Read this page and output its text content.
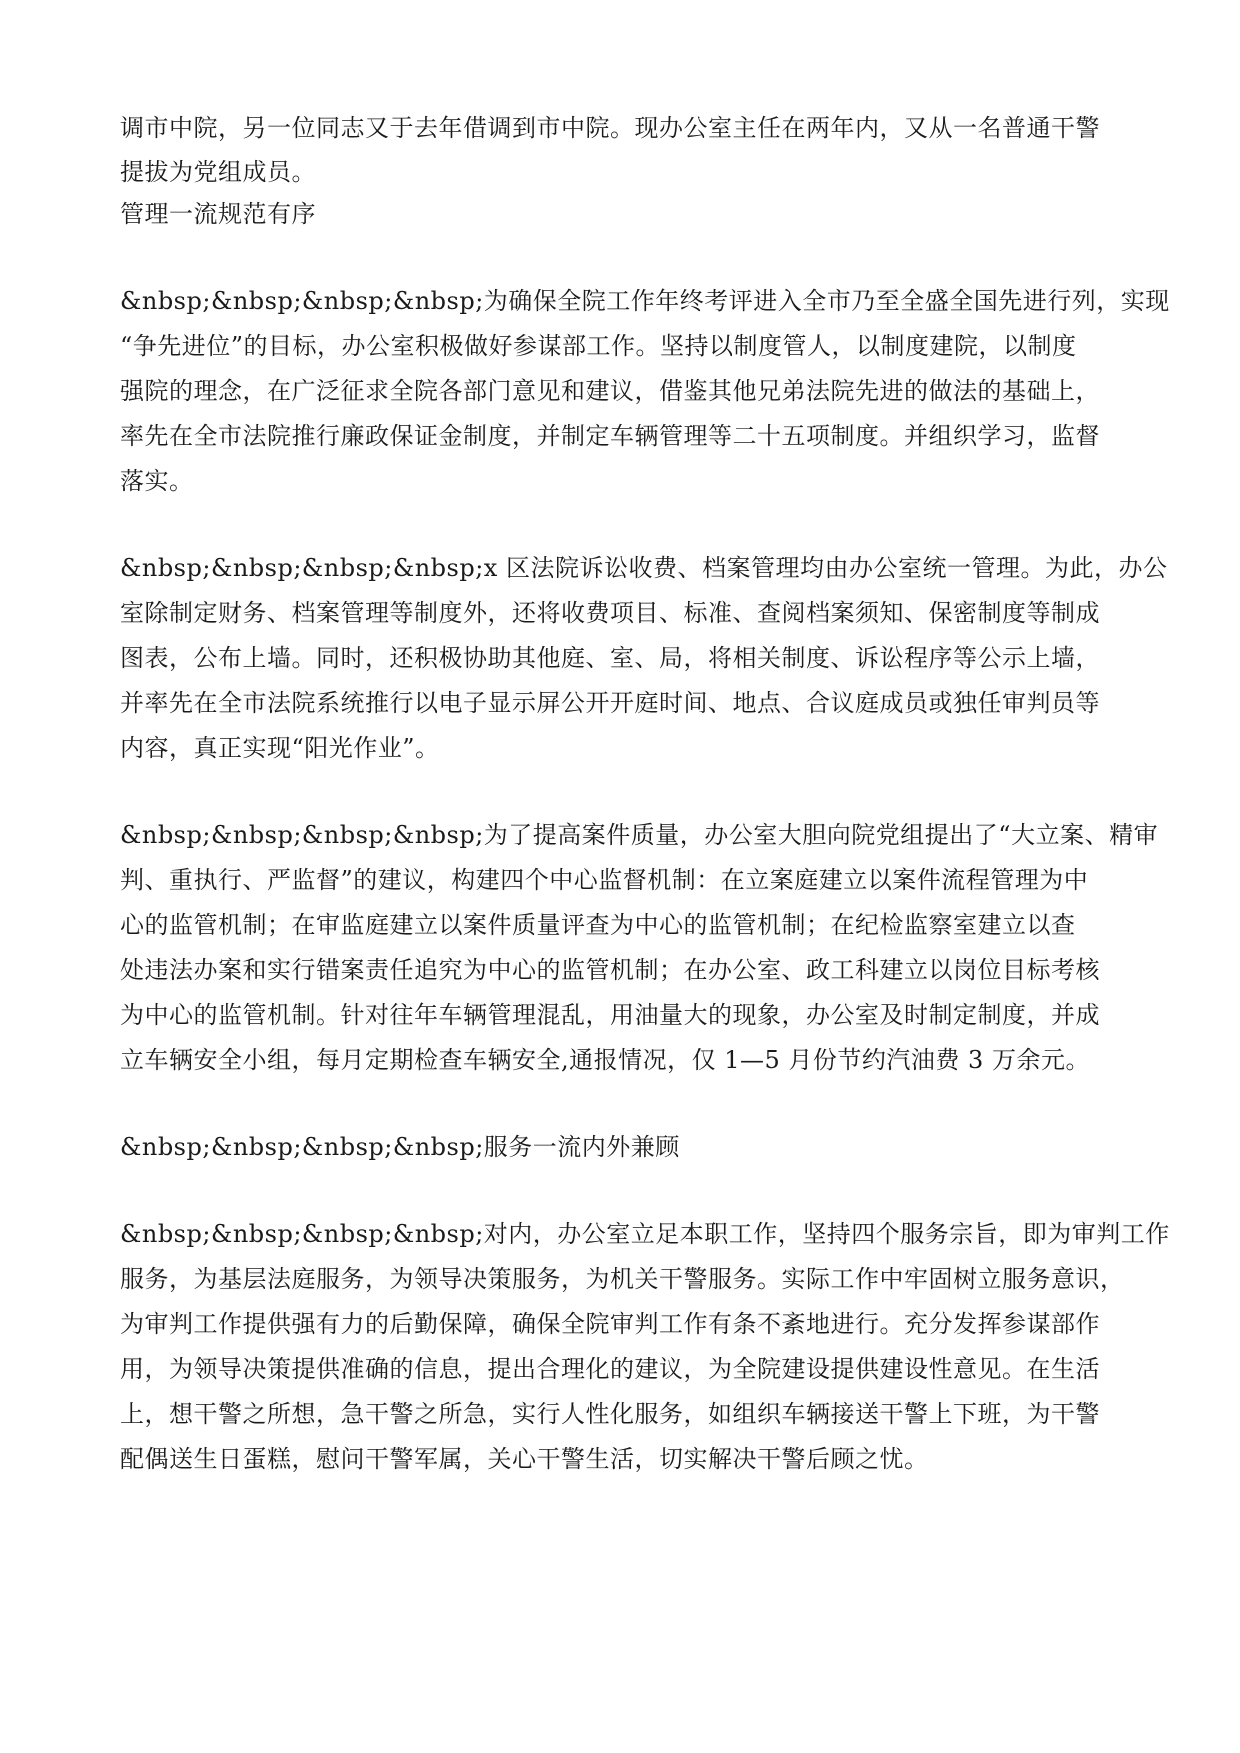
调市中院，另一位同志又于去年借调到市中院。现办公室主任在两年内，又从一名普通干警
提拔为党组成员。
管理一流规范有序
&nbsp;&nbsp;&nbsp;&nbsp;为确保全院工作年终考评进入全市乃至全盛全国先进行列，实现
“争先进位”的目标，办公室积极做好参谋部工作。坚持以制度管人，以制度建院，以制度
强院的理念，在广泛征求全院各部门意见和建议，借鉴其他兄弟法院先进的做法的基础上，
率先在全市法院推行廉政保证金制度，并制定车辆管理等二十五项制度。并组织学习，监督
落实。
&nbsp;&nbsp;&nbsp;&nbsp;x 区法院诉讼收费、档案管理均由办公室统一管理。为此，办公
室除制定财务、档案管理等制度外，还将收费项目、标准、查阅档案须知、保密制度等制成
图表，公布上墙。同时，还积极协助其他庭、室、局，将相关制度、诉讼程序等公示上墙，
并率先在全市法院系统推行以电子显示屏公开开庭时间、地点、合议庭成员或独任审判员等
内容，真正实现“阳光作业”。
&nbsp;&nbsp;&nbsp;&nbsp;为了提高案件质量，办公室大胆向院党组提出了“大立案、精审
判、重执行、严监督”的建议，构建四个中心监督机制：在立案庭建立以案件流程管理为中
心的监管机制；在审监庭建立以案件质量评查为中心的监管机制；在纪检监察室建立以查
处违法办案和实行错案责任追究为中心的监管机制；在办公室、政工科建立以岗位目标考核
为中心的监管机制。针对往年车辆管理混乱，用油量大的现象，办公室及时制定制度，并成
立车辆安全小组，每月定期检查车辆安全,通报情况，仅 1—5 月份节约汽油费 3 万余元。
&nbsp;&nbsp;&nbsp;&nbsp;服务一流内外兼顾
&nbsp;&nbsp;&nbsp;&nbsp;对内，办公室立足本职工作，坚持四个服务宗旨，即为审判工作
服务，为基层法庭服务，为领导决策服务，为机关干警服务。实际工作中牢固树立服务意识，
为审判工作提供强有力的后勤保障，确保全院审判工作有条不紊地进行。充分发挥参谋部作
用，为领导决策提供准确的信息，提出合理化的建议，为全院建设提供建设性意见。在生活
上，想干警之所想，急干警之所急，实行人性化服务，如组织车辆接送干警上下班，为干警
配偶送生日蛋糕，慰问干警军属，关心干警生活，切实解决干警后顾之忧。
